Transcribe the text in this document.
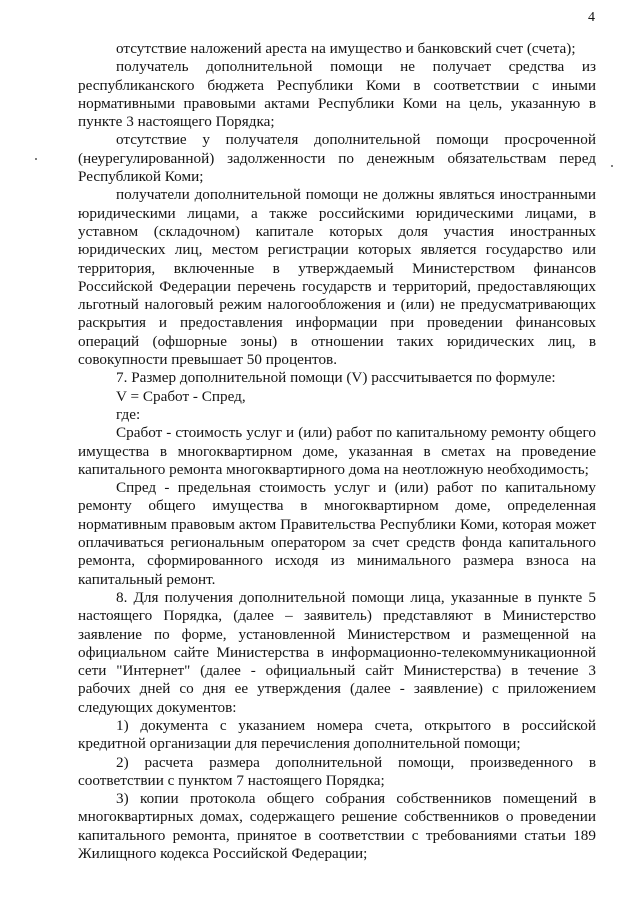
4

отсутствие наложений ареста на имущество и банковский счет (счета);

получатель дополнительной помощи не получает средства из республиканского бюджета Республики Коми в соответствии с иными нормативными правовыми актами Республики Коми на цель, указанную в пункте 3 настоящего Порядка;

отсутствие у получателя дополнительной помощи просроченной (неурегулированной) задолженности по денежным обязательствам перед Республикой Коми;

получатели дополнительной помощи не должны являться иностранными юридическими лицами, а также российскими юридическими лицами, в уставном (складочном) капитале которых доля участия иностранных юридических лиц, местом регистрации которых является государство или территория, включенные в утверждаемый Министерством финансов Российской Федерации перечень государств и территорий, предоставляющих льготный налоговый режим налогообложения и (или) не предусматривающих раскрытия и предоставления информации при проведении финансовых операций (офшорные зоны) в отношении таких юридических лиц, в совокупности превышает 50 процентов.

7. Размер дополнительной помощи (V) рассчитывается по формуле:

V = Сработ - Спред,

где:

Сработ - стоимость услуг и (или) работ по капитальному ремонту общего имущества в многоквартирном доме, указанная в сметах на проведение капитального ремонта многоквартирного дома на неотложную необходимость;

Спред - предельная стоимость услуг и (или) работ по капитальному ремонту общего имущества в многоквартирном доме, определенная нормативным правовым актом Правительства Республики Коми, которая может оплачиваться региональным оператором за счет средств фонда капитального ремонта, сформированного исходя из минимального размера взноса на капитальный ремонт.

8. Для получения дополнительной помощи лица, указанные в пункте 5 настоящего Порядка, (далее – заявитель) представляют в Министерство заявление по форме, установленной Министерством и размещенной на официальном сайте Министерства в информационно-телекоммуникационной сети "Интернет" (далее - официальный сайт Министерства) в течение 3 рабочих дней со дня ее утверждения (далее - заявление) с приложением следующих документов:

1) документа с указанием номера счета, открытого в российской кредитной организации для перечисления дополнительной помощи;

2) расчета размера дополнительной помощи, произведенного в соответствии с пунктом 7 настоящего Порядка;

3) копии протокола общего собрания собственников помещений в многоквартирных домах, содержащего решение собственников о проведении капитального ремонта, принятое в соответствии с требованиями статьи 189 Жилищного кодекса Российской Федерации;
